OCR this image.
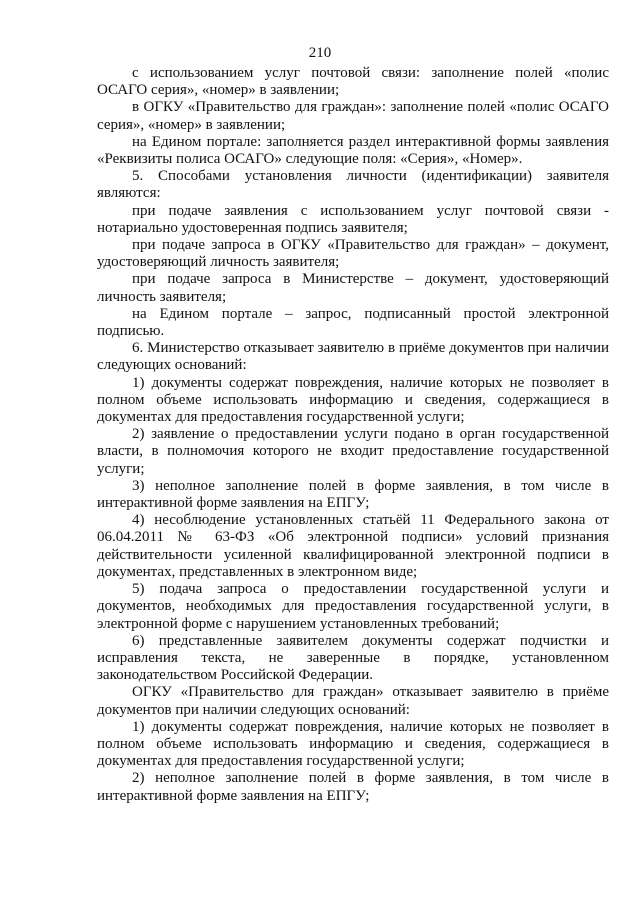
210

с использованием услуг почтовой связи: заполнение полей «полис ОСАГО серия», «номер» в заявлении;

в ОГКУ «Правительство для граждан»: заполнение полей «полис ОСАГО серия», «номер» в заявлении;

на Едином портале: заполняется раздел интерактивной формы заявления «Реквизиты полиса ОСАГО» следующие поля: «Серия», «Номер».

5. Способами установления личности (идентификации) заявителя являются:

при подаче заявления с использованием услуг почтовой связи - нотариально удостоверенная подпись заявителя;

при подаче запроса в ОГКУ «Правительство для граждан» – документ, удостоверяющий личность заявителя;

при подаче запроса в Министерстве – документ, удостоверяющий личность заявителя;

на Едином портале – запрос, подписанный простой электронной подписью.

6. Министерство отказывает заявителю в приёме документов при наличии следующих оснований:

1) документы содержат повреждения, наличие которых не позволяет в полном объеме использовать информацию и сведения, содержащиеся в документах для предоставления государственной услуги;

2) заявление о предоставлении услуги подано в орган государственной власти, в полномочия которого не входит предоставление государственной услуги;

3) неполное заполнение полей в форме заявления, в том числе в интерактивной форме заявления на ЕПГУ;

4) несоблюдение установленных статьёй 11 Федерального закона от 06.04.2011 № 63-ФЗ «Об электронной подписи» условий признания действительности усиленной квалифицированной электронной подписи в документах, представленных в электронном виде;

5) подача запроса о предоставлении государственной услуги и документов, необходимых для предоставления государственной услуги, в электронной форме с нарушением установленных требований;

6) представленные заявителем документы содержат подчистки и исправления текста, не заверенные в порядке, установленном законодательством Российской Федерации.

ОГКУ «Правительство для граждан» отказывает заявителю в приёме документов при наличии следующих оснований:

1) документы содержат повреждения, наличие которых не позволяет в полном объеме использовать информацию и сведения, содержащиеся в документах для предоставления государственной услуги;

2) неполное заполнение полей в форме заявления, в том числе в интерактивной форме заявления на ЕПГУ;
